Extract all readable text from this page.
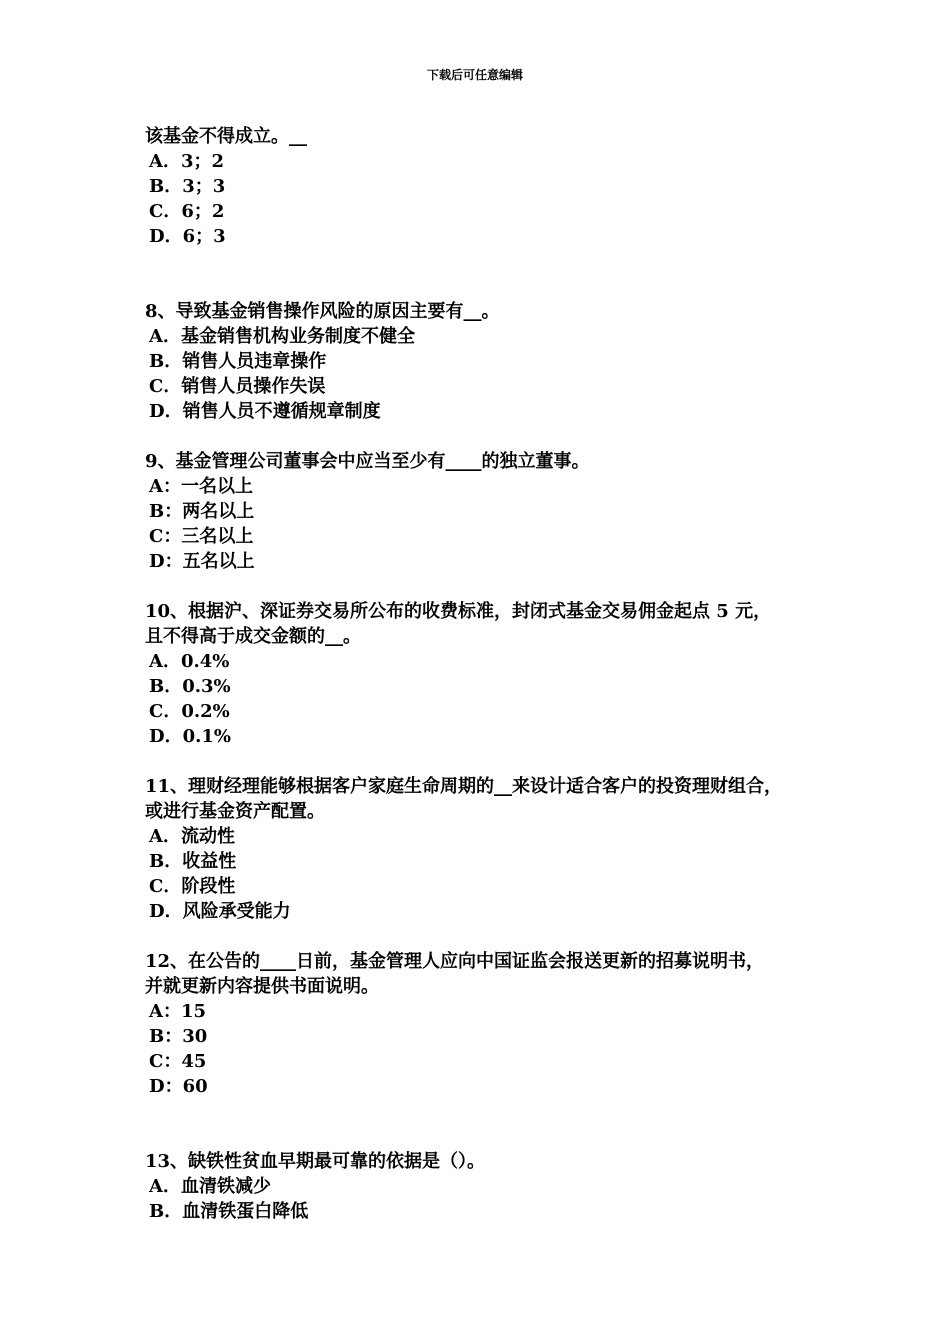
下载后可任意编辑
该基金不得成立。__
A．3；2
B．3；3
C．6；2
D．6；3
8、导致基金销售操作风险的原因主要有__。
A．基金销售机构业务制度不健全
B．销售人员违章操作
C．销售人员操作失误
D．销售人员不遵循规章制度
9、基金管理公司董事会中应当至少有____的独立董事。
A：一名以上
B：两名以上
C：三名以上
D：五名以上
10、根据沪、深证券交易所公布的收费标准，封闭式基金交易佣金起点 5 元，
且不得高于成交金额的__。
A．0.4%
B．0.3%
C．0.2%
D．0.1%
11、理财经理能够根据客户家庭生命周期的__来设计适合客户的投资理财组合，
或进行基金资产配置。
A．流动性
B．收益性
C．阶段性
D．风险承受能力
12、在公告的____日前，基金管理人应向中国证监会报送更新的招募说明书，
并就更新内容提供书面说明。
A：15
B：30
C：45
D：60
13、缺铁性贫血早期最可靠的依据是（）。
A．血清铁减少
B．血清铁蛋白降低
